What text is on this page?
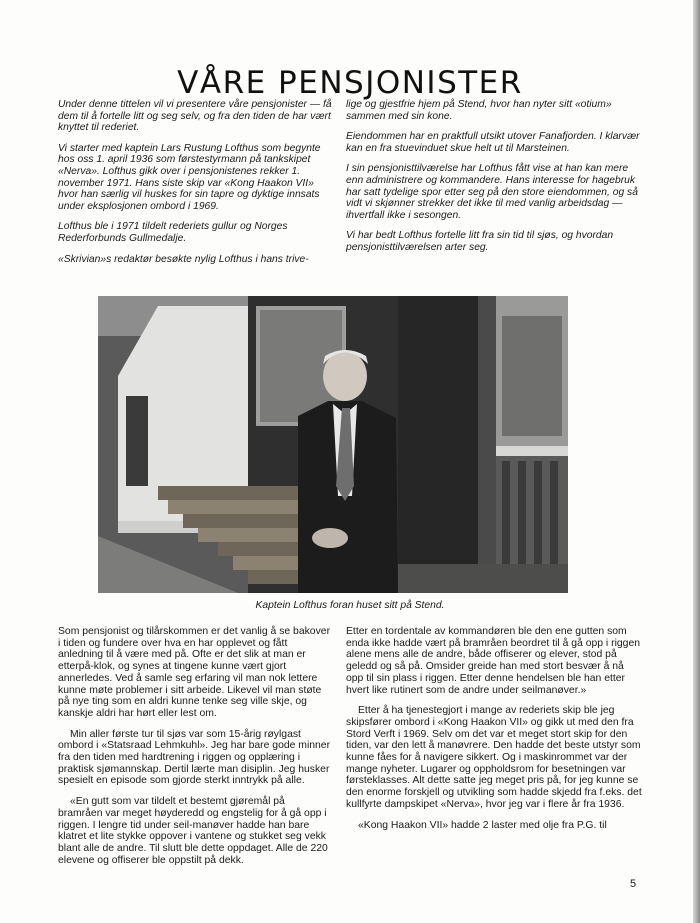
VÅRE PENSJONISTER

Under denne tittelen vil vi presentere våre pensjonister — få dem til å fortelle litt og seg selv, og fra den tiden de har vært knyttet til rederiet.

Vi starter med kaptein Lars Rustung Lofthus som begynte hos oss 1. april 1936 som førstestyrmann på tankskipet «Nerva». Lofthus gikk over i pensjonistenes rekker 1. november 1971. Hans siste skip var «Kong Haakon VII» hvor han særlig vil huskes for sin tapre og dyktige innsats under eksplosjonen ombord i 1969.

Lofthus ble i 1971 tildelt rederiets gullur og Norges Rederforbunds Gullmedalje.

«Skrivian»s redaktør besøkte nylig Lofthus i hans trive-

lige og gjestfrie hjem på Stend, hvor han nyter sitt «otium» sammen med sin kone.

Eiendommen har en praktfull utsikt utover Fanafjorden. I klarvær kan en fra stuevinduet skue helt ut til Marsteinen.

I sin pensjonisttilværelse har Lofthus fått vise at han kan mere enn administrere og kommandere. Hans interesse for hagebruk har satt tydelige spor etter seg på den store eiendommen, og så vidt vi skjønner strekker det ikke til med vanlig arbeidsdag — ihvertfall ikke i sesongen.

Vi har bedt Lofthus fortelle litt fra sin tid til sjøs, og hvordan pensjonisttilværelsen arter seg.

Kaptein Lofthus foran huset sitt på Stend.

Som pensjonist og tilårskommen er det vanlig å se bakover i tiden og fundere over hva en har opplevet og fått anledning til å være med på. Ofte er det slik at man er etterpå-klok, og synes at tingene kunne vært gjort annerledes. Ved å samle seg erfaring vil man nok lettere kunne møte problemer i sitt arbeide. Likevel vil man støte på nye ting som en aldri kunne tenke seg ville skje, og kanskje aldri har hørt eller lest om.

Min aller første tur til sjøs var som 15-årig røylgast ombord i «Statsraad Lehmkuhl». Jeg har bare gode minner fra den tiden med hardtrening i riggen og opplæring i praktisk sjømannskap. Dertil lærte man disiplin. Jeg husker spesielt en episode som gjorde sterkt inntrykk på alle.

«En gutt som var tildelt et bestemt gjøremål på bramråen var meget høyderedd og engstelig for å gå opp i riggen. I lengre tid under seil-manøver hadde han bare klatret et lite stykke oppover i vantene og stukket seg vekk blant alle de andre. Til slutt ble dette oppdaget. Alle de 220 elevene og offiserer ble oppstilt på dekk.

Etter en tordentale av kommandøren ble den ene gutten som enda ikke hadde vært på bramråen beordret til å gå opp i riggen alene mens alle de andre, både offiserer og elever, stod på geledd og så på. Omsider greide han med stort besvær å nå opp til sin plass i riggen. Etter denne hendelsen ble han etter hvert like rutinert som de andre under seilmanøver.»

Etter å ha tjenestegjort i mange av rederiets skip ble jeg skipsfører ombord i «Kong Haakon VII» og gikk ut med den fra Stord Verft i 1969. Selv om det var et meget stort skip for den tiden, var den lett å manøvrere. Den hadde det beste utstyr som kunne fåes for å navigere sikkert. Og i maskinrommet var der mange nyheter. Lugarer og oppholdsrom for besetningen var førsteklasses. Alt dette satte jeg meget pris på, for jeg kunne se den enorme forskjell og utvikling som hadde skjedd fra f.eks. det kullfyrte dampskipet «Nerva», hvor jeg var i flere år fra 1936.

«Kong Haakon VII» hadde 2 laster med olje fra P.G. til

5
